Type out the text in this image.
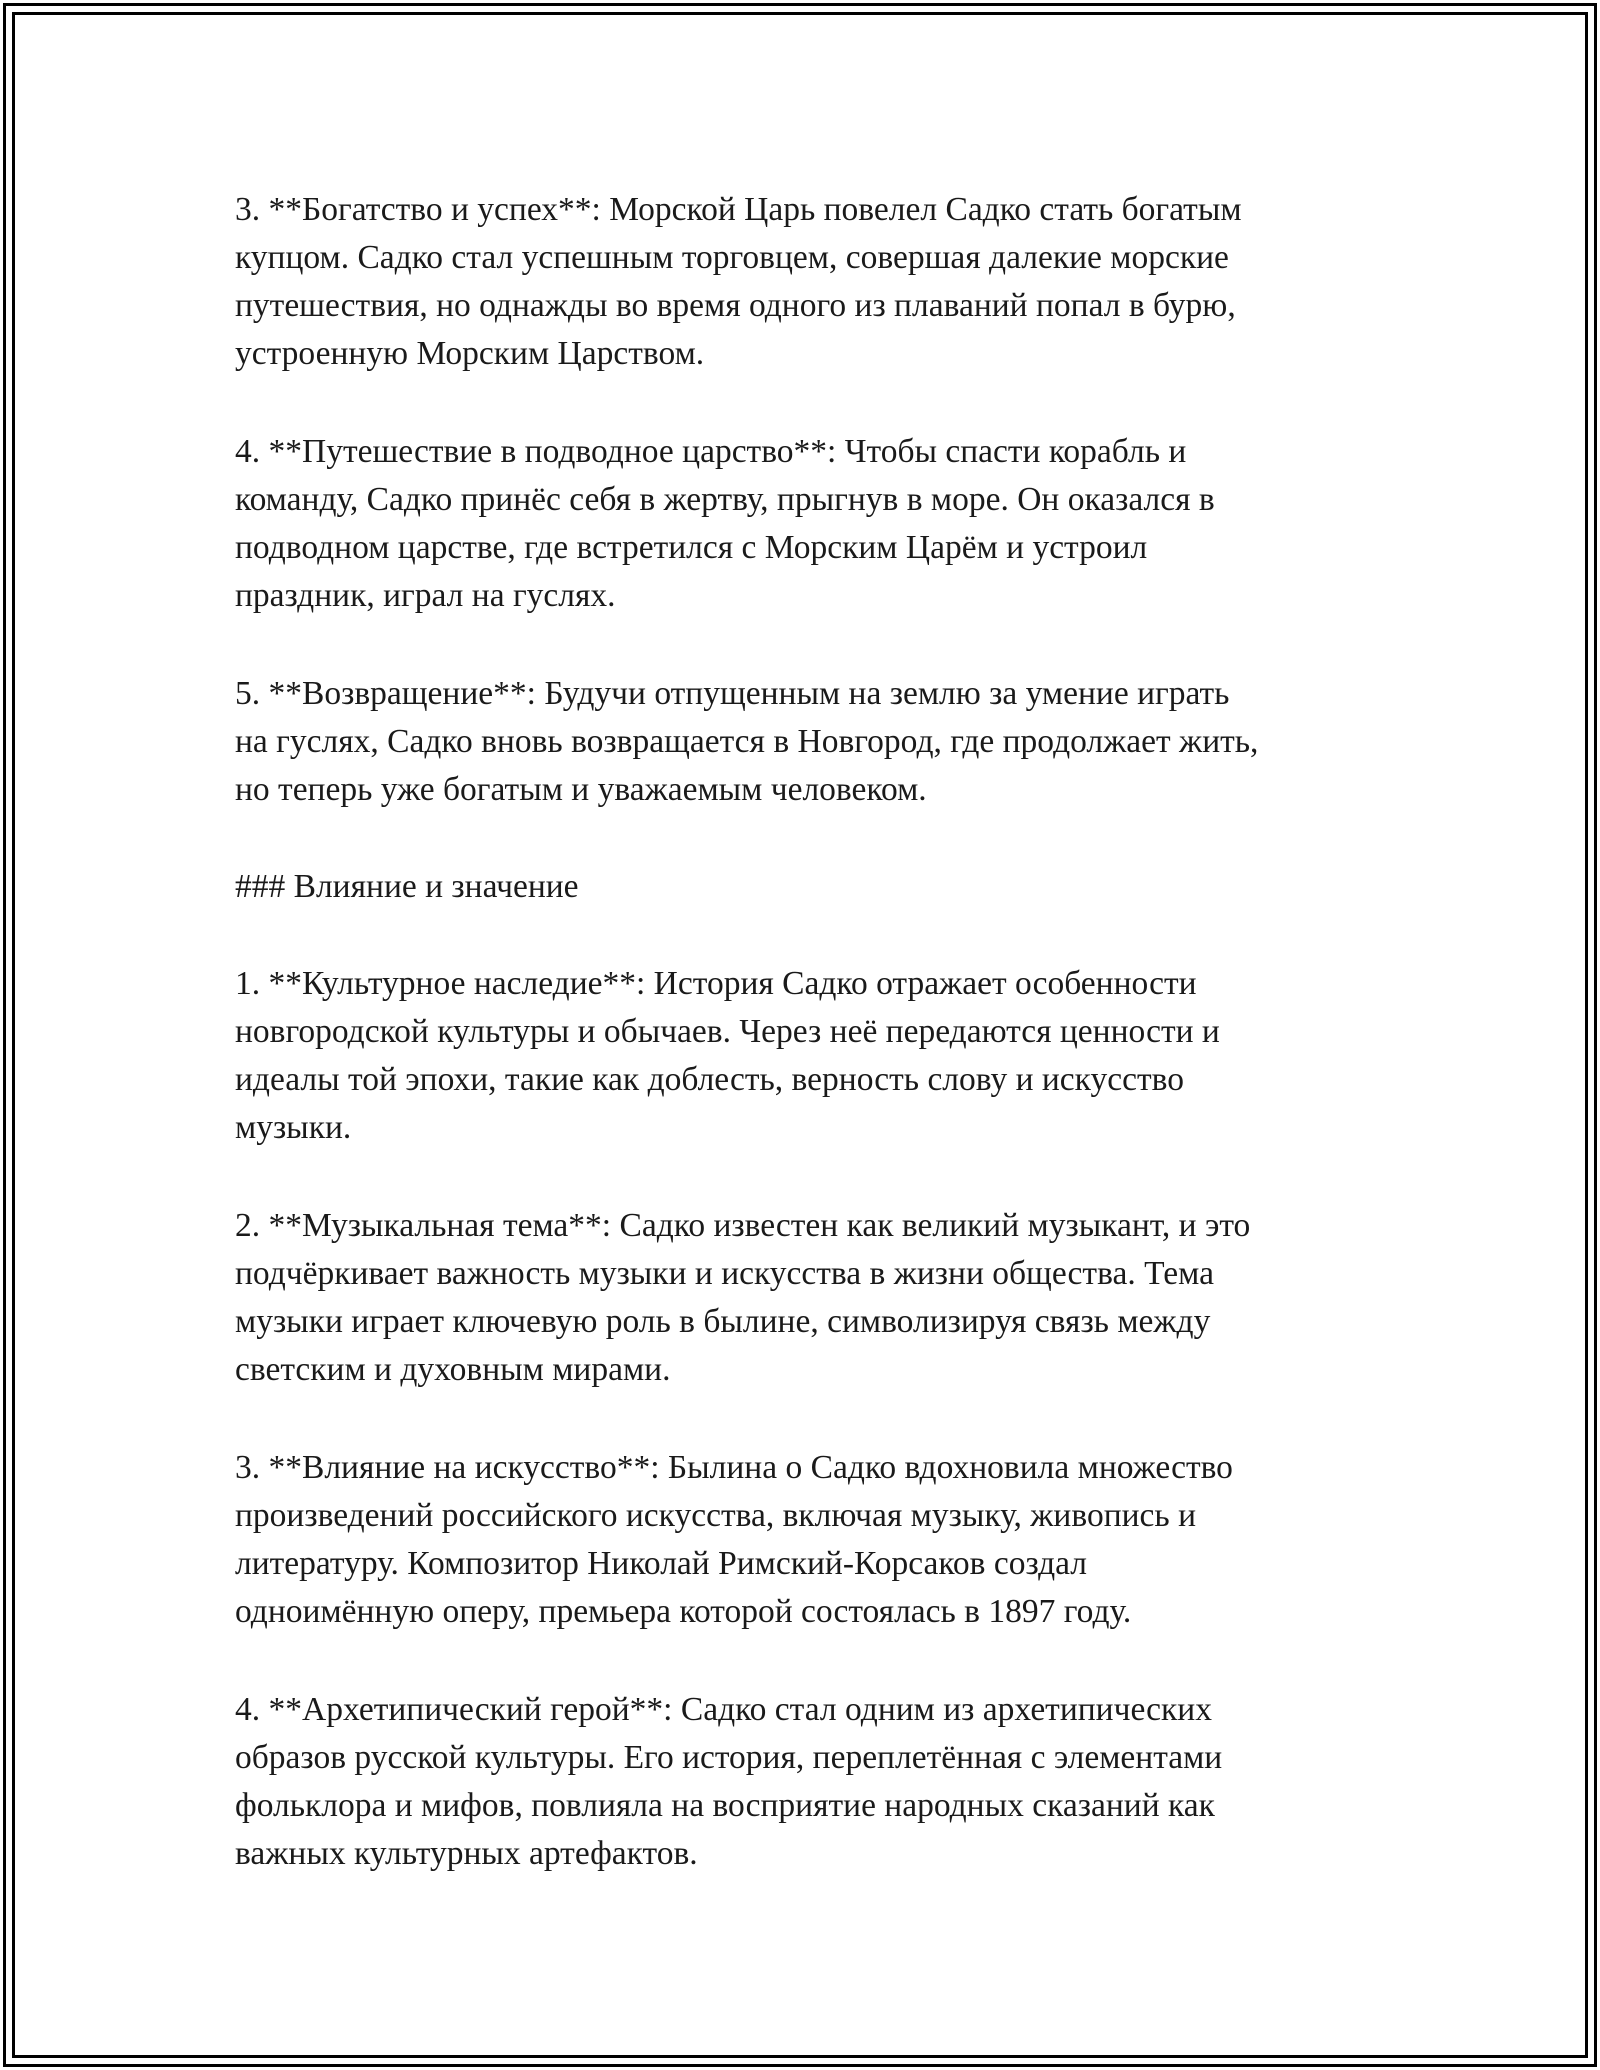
3. **Богатство и успех**: Морской Царь повелел Садко стать богатым
купцом. Садко стал успешным торговцем, совершая далекие морские
путешествия, но однажды во время одного из плаваний попал в бурю,
устроенную Морским Царством.
4. **Путешествие в подводное царство**: Чтобы спасти корабль и
команду, Садко принёс себя в жертву, прыгнув в море. Он оказался в
подводном царстве, где встретился с Морским Царём и устроил
праздник, играл на гуслях.
5. **Возвращение**: Будучи отпущенным на землю за умение играть
на гуслях, Садко вновь возвращается в Новгород, где продолжает жить,
но теперь уже богатым и уважаемым человеком.
### Влияние и значение
1. **Культурное наследие**: История Садко отражает особенности
новгородской культуры и обычаев. Через неё передаются ценности и
идеалы той эпохи, такие как доблесть, верность слову и искусство
музыки.
2. **Музыкальная тема**: Садко известен как великий музыкант, и это
подчёркивает важность музыки и искусства в жизни общества. Тема
музыки играет ключевую роль в былине, символизируя связь между
светским и духовным мирами.
3. **Влияние на искусство**: Былина о Садко вдохновила множество
произведений российского искусства, включая музыку, живопись и
литературу. Композитор Николай Римский-Корсаков создал
одноимённую оперу, премьера которой состоялась в 1897 году.
4. **Архетипический герой**: Садко стал одним из архетипических
образов русской культуры. Его история, переплетённая с элементами
фольклора и мифов, повлияла на восприятие народных сказаний как
важных культурных артефактов.
